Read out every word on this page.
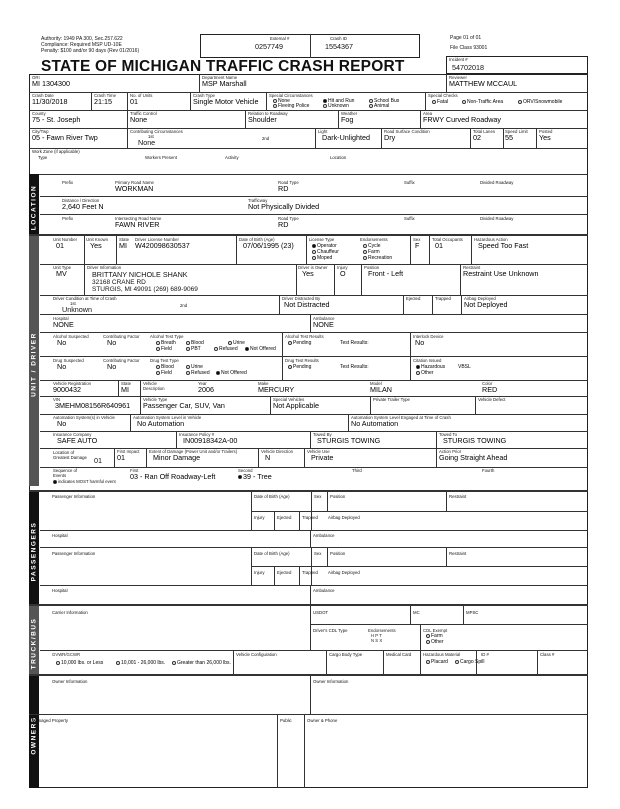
Authority: 1949 PA 300, Sec.257.622
Compliance: Required MSP UD-10E
Penalty: $100 and/or 90 days (Rev 01/2016)
External #
0257749
Crash ID
1554367
Page 01 of 01
File Class 93001
Incident #
54702018
STATE OF MICHIGAN TRAFFIC CRASH REPORT
ORI
MI 1304300
Department Name
MSP Marshall
Reviewer
MATTHEW MCCAUL
Crash Date
11/30/2018
Crash Time
21:15
No. of Units
01
Crash Type
Single Motor Vehicle
Special Circumstances
None
Fleeing Police
Hit and Run
Unknown
School Bus
Animal
Special Checks
Fatal	Non-Traffic Area	ORV/Snowmobile
County
75 - St. Joseph
Traffic Control
None
Relation to Roadway
Shoulder
Weather
Fog
Area
FRWY Curved Roadway
City/Twp
05 - Fawn River Twp
Contributing Circumstances
1st
None	2nd
Light
Dark-Unlighted
Road Surface Condition
Dry
Total Lanes
02
Speed Limit
55
Posted
Yes
Work Zone (if applicable)
Type	Workers Present	Activity	Location
LOCATION
Prefix	Primary Road Name
WORKMAN
Road Type
RD
Suffix	Divided Roadway
Distance / Direction
2,640 Feet N
Trafficway
Not Physically Divided
Prefix	Intersecting Road Name
FAWN RIVER
Road Type
RD
Suffix	Divided Roadway
UNIT / DRIVER
Unit Number
01
Unit Known
Yes
State
MI
Driver License Number
W420098630537
Date of Birth (Age)
07/06/1995 (23)
License Type
Operator
Chauffeur
Moped
Endorsements
Cycle
Farm
Recreation
Sex
F
Total Occupants
01
Hazardous Action
Speed Too Fast
Unit Type
MV
Driver Information
BRITTANY NICHOLE SHANK
32168 CRANE RD
STURGIS, MI 49091 (269) 689-9069
Driver is Owner
Yes
Injury
O
Position
Front - Left
Restraint
Restraint Use Unknown
Driver Condition at Time of Crash
1st
Unknown	2nd
Driver Distracted By
Not Distracted
Ejected	Trapped	Airbag Deployed
Not Deployed
Hospital
NONE
Ambulance
NONE
Alcohol Suspected
No
Contributing Factor
No
Alcohol Test Type
Breath	Blood	Urine
Field	PBT	Refused	Not Offered
Alcohol Test Results
Pending	Test Results:
Interlock Device
No
Drug Suspected
No
Contributing Factor
No
Drug Test Type
Blood	Urine
Field	Refused	Not Offered
Drug Test Results
Pending	Test Results:
Citation Issued
Hazardous	VBSL
Other
Vehicle Registration
9000432
State
MI
Vehicle
Description
Year
2006
Make
MERCURY
Model
MILAN
Color
RED
VIN
3MEHM08156R640961
Vehicle Type
Passenger Car, SUV, Van
Special Vehicles
Not Applicable
Private Trailer Type	Vehicle Defect
Automation System(s) in Vehicle
No
Automation System Level in Vehicle
No Automation
Automation System Level Engaged at Time of Crash
No Automation
Insurance Company
SAFE AUTO
Insurance Policy #
IN00918342A-00
Towed By
STURGIS TOWING
Towed To
STURGIS TOWING
Location of Greatest Damage 01
First Impact
01
Extent of Damage (Power Unit and/or Trailers)
Minor Damage
Vehicle Direction
N
Vehicle Use
Private
Action Prior
Going Straight Ahead
Sequence of Events
indicates MOST harmful event
First
03 - Ran Off Roadway-Left
Second
39 - Tree
Third	Fourth
PASSENGERS
Passenger Information	Date of Birth (Age)	Sex Position	Restraint
Injury	Ejected Trapped Airbag Deployed
Hospital	Ambulance
Passenger Information	Date of Birth (Age)	Sex Position	Restraint
Injury	Ejected Trapped Airbag Deployed
Hospital	Ambulance
TRUCK/BUS
Carrier Information	USDOT	MC	MPSC
Driver's CDL Type	Endorsements
H P T
N S X
CDL Exempt
Farm
Other
GVWR/GCWR
10,000 lbs. or Less	10,001 - 26,000 lbs.	Greater than 26,000 lbs.
Vehicle Configuration	Cargo Body Type	Medical Card	Hazardous Material
Placard	Cargo Spill
ID #	Class #
OWNERS
Owner Information	Owner Information
Damaged Property	Public	Owner & Phone
